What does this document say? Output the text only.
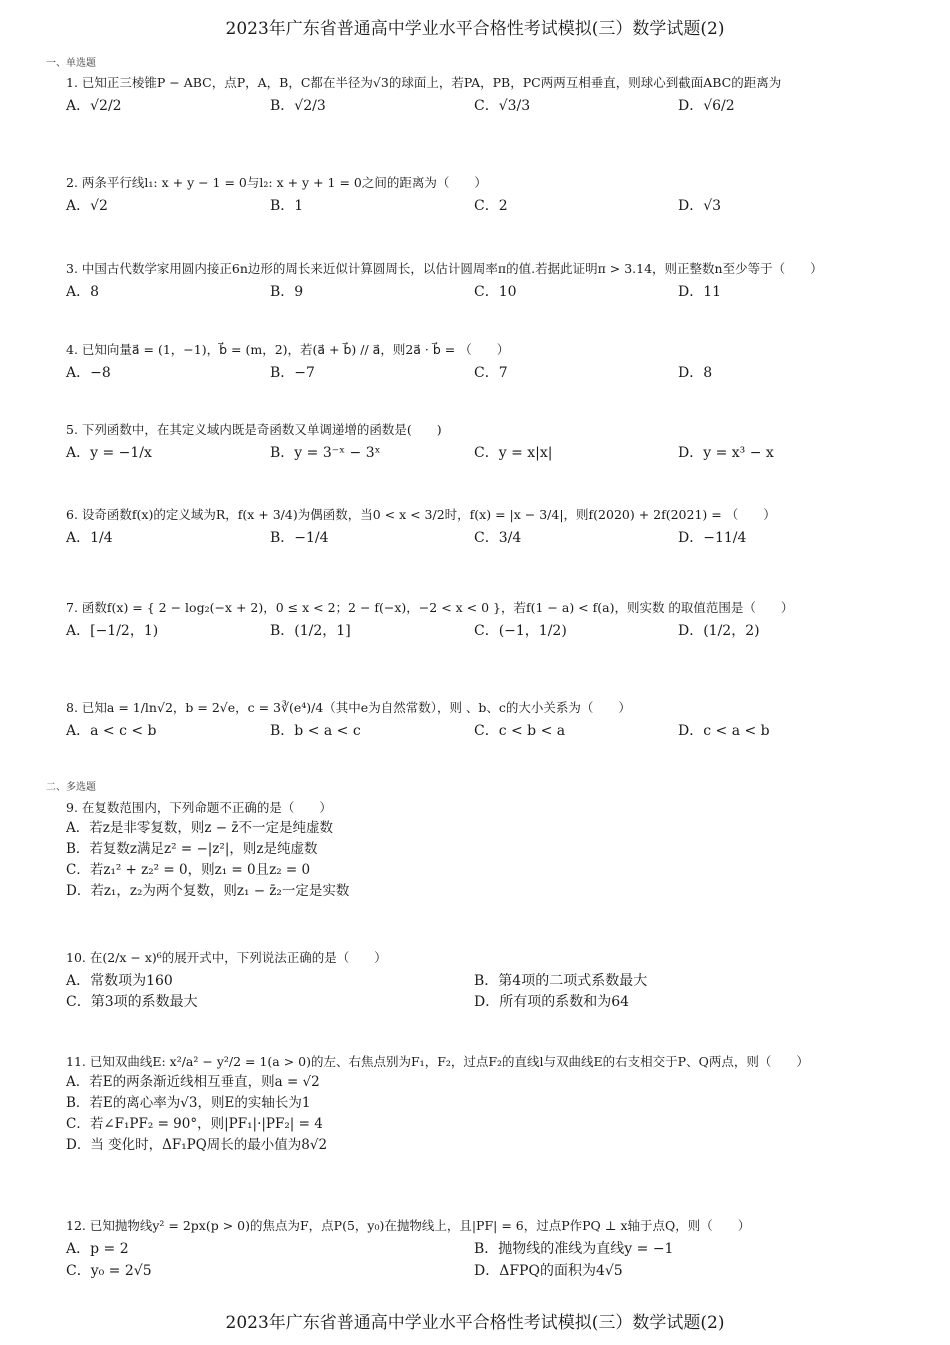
2023年广东省普通高中学业水平合格性考试模拟(三）数学试题(2)
一、单选题
1. 已知正三棱锥P − ABC，点P，A，B，C都在半径为√3的球面上，若PA，PB，PC两两互相垂直，则球心到截面ABC的距离为
A．√2/2	B．√2/3	C．√3/3	D．√6/2
2. 两条平行线l₁: x + y − 1 = 0与l₂: x + y + 1 = 0之间的距离为（　　）
A．√2	B．1	C．2	D．√3
3. 中国古代数学家用圆内接正6n边形的周长来近似计算圆周长，以估计圆周率π的值.若据此证明π > 3.14，则正整数n至少等于（　　）
A．8	B．9	C．10	D．11
4. 已知向量a⃗ = (1，−1)，b⃗ = (m，2)，若(a⃗ + b⃗) // a⃗，则2a⃗ · b⃗ = （　　）
A．−8	B．−7	C．7	D．8
5. 下列函数中，在其定义域内既是奇函数又单调递增的函数是(　　)
A．y = −1/x	B．y = 3⁻ˣ − 3ˣ	C．y = x|x|	D．y = x³ − x
6. 设奇函数f(x)的定义域为R，f(x + 3/4)为偶函数，当0 < x < 3/2时，f(x) = |x − 3/4|，则f(2020) + 2f(2021) = （　　）
A．1/4	B．−1/4	C．3/4	D．−11/4
7. 函数f(x) = { 2 − log₂(−x + 2)，0 ≤ x < 2；2 − f(−x)，−2 < x < 0 }，若f(1 − a) < f(a)，则实数 的取值范围是（　　）
A．[−1/2，1)	B．(1/2，1]	C．(−1，1/2)	D．(1/2，2)
8. 已知a = 1/ln√2，b = 2√e，c = 3∛(e⁴)/4（其中e为自然常数），则 、b、c的大小关系为（　　）
A．a < c < b	B．b < a < c	C．c < b < a	D．c < a < b
二、多选题
9. 在复数范围内，下列命题不正确的是（　　）
A．若z是非零复数，则z − z̄不一定是纯虚数
B．若复数z满足z² = −|z²|，则z是纯虚数
C．若z₁² + z₂² = 0，则z₁ = 0且z₂ = 0
D．若z₁，z₂为两个复数，则z₁ − z̄₂一定是实数
10. 在(2/x − x)⁶的展开式中，下列说法正确的是（　　）
A．常数项为160	B．第4项的二项式系数最大
C．第3项的系数最大	D．所有项的系数和为64
11. 已知双曲线E: x²/a² − y²/2 = 1(a > 0)的左、右焦点别为F₁，F₂，过点F₂的直线l与双曲线E的右支相交于P、Q两点，则（　　）
A．若E的两条渐近线相互垂直，则a = √2
B．若E的离心率为√3，则E的实轴长为1
C．若∠F₁PF₂ = 90°，则|PF₁|·|PF₂| = 4
D．当 变化时，ΔF₁PQ周长的最小值为8√2
12. 已知抛物线y² = 2px(p > 0)的焦点为F，点P(5，y₀)在抛物线上，且|PF| = 6，过点P作PQ ⊥ x轴于点Q，则（　　）
A．p = 2	B．抛物线的准线为直线y = −1
C．y₀ = 2√5	D．ΔFPQ的面积为4√5
2023年广东省普通高中学业水平合格性考试模拟(三）数学试题(2)
